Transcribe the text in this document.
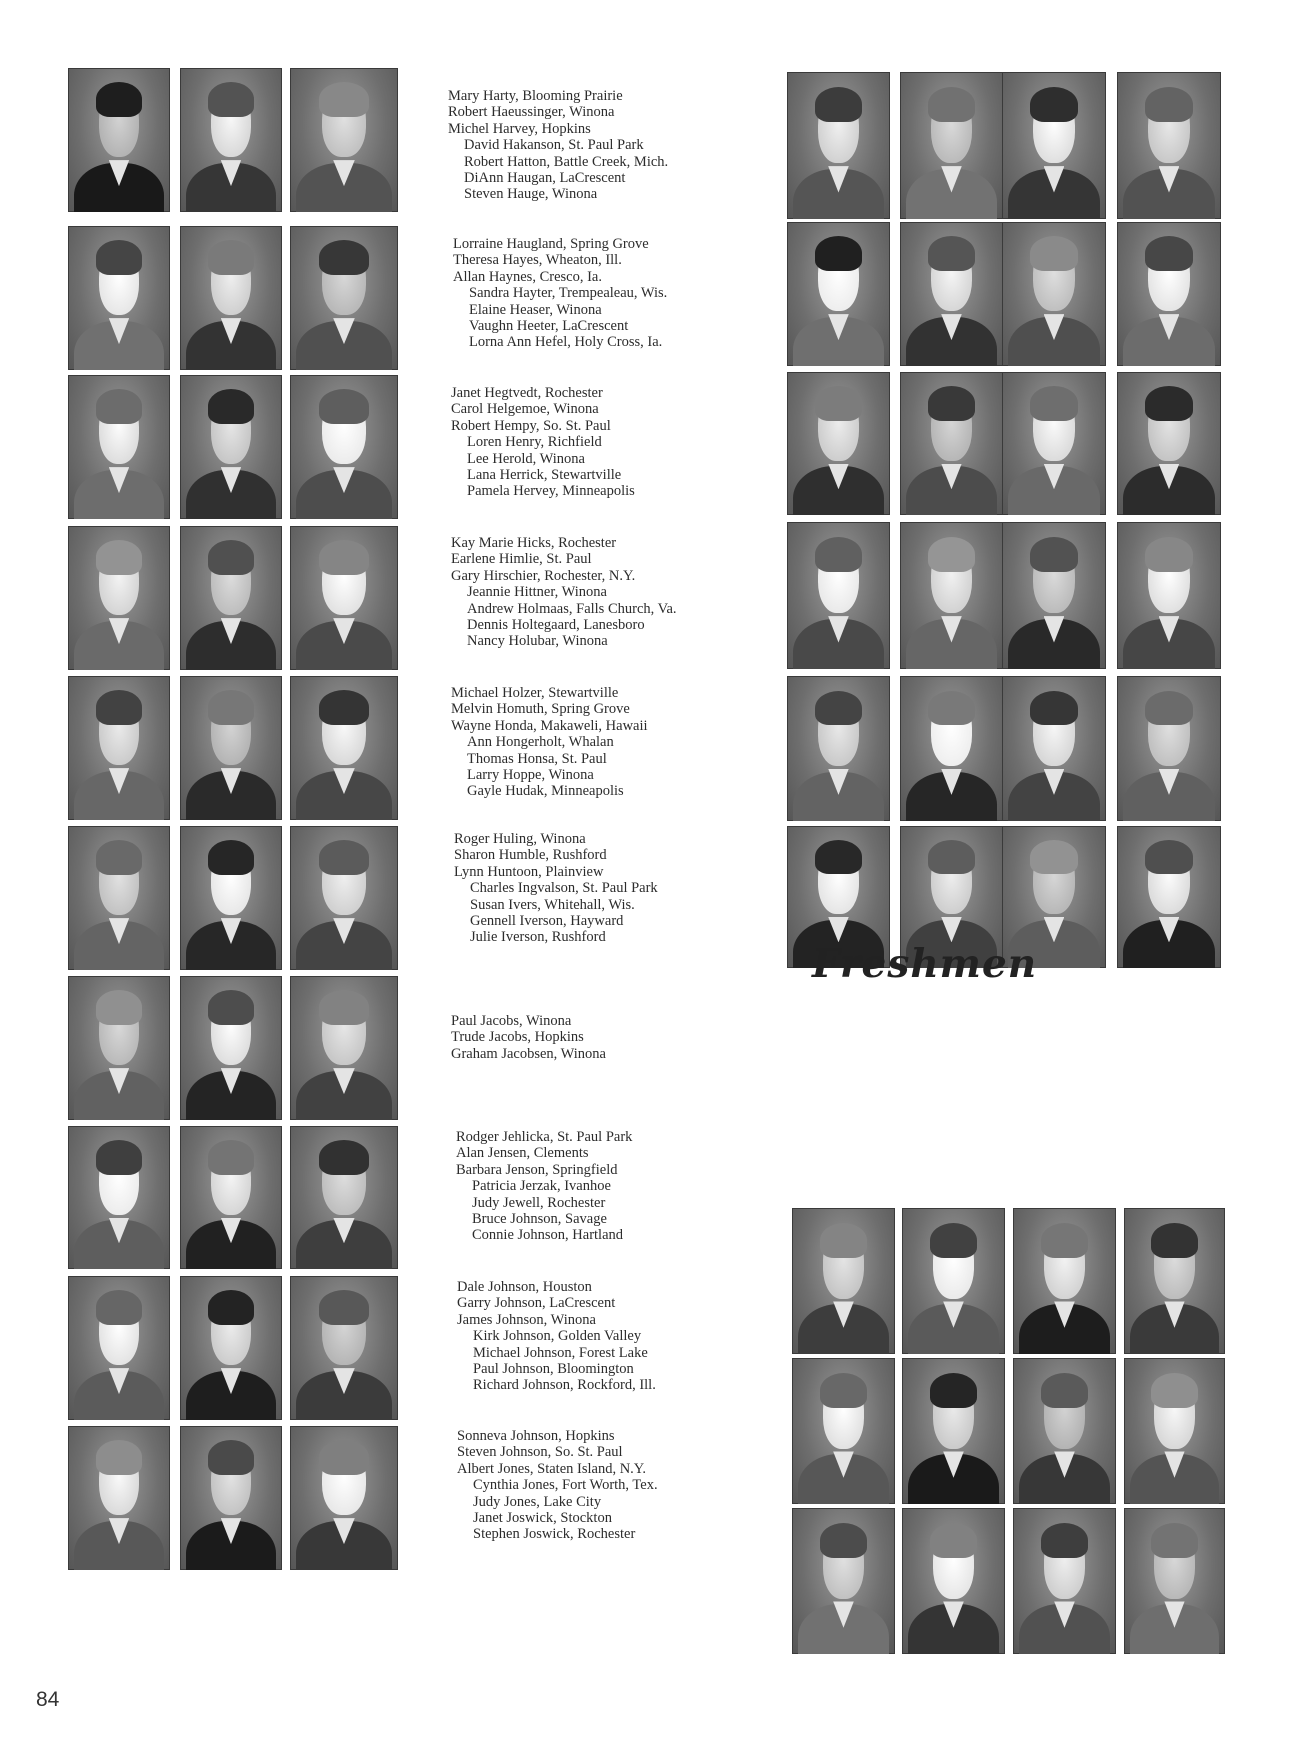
Mary Harty, Blooming Prairie
Robert Haeussinger, Winona
Michel Harvey, Hopkins
David Hakanson, St. Paul Park
Robert Hatton, Battle Creek, Mich.
DiAnn Haugan, LaCrescent
Steven Hauge, Winona
Lorraine Haugland, Spring Grove
Theresa Hayes, Wheaton, Ill.
Allan Haynes, Cresco, Ia.
Sandra Hayter, Trempealeau, Wis.
Elaine Heaser, Winona
Vaughn Heeter, LaCrescent
Lorna Ann Hefel, Holy Cross, Ia.
Janet Hegtvedt, Rochester
Carol Helgemoe, Winona
Robert Hempy, So. St. Paul
Loren Henry, Richfield
Lee Herold, Winona
Lana Herrick, Stewartville
Pamela Hervey, Minneapolis
Kay Marie Hicks, Rochester
Earlene Himlie, St. Paul
Gary Hirschier, Rochester, N.Y.
Jeannie Hittner, Winona
Andrew Holmaas, Falls Church, Va.
Dennis Holtegaard, Lanesboro
Nancy Holubar, Winona
Michael Holzer, Stewartville
Melvin Homuth, Spring Grove
Wayne Honda, Makaweli, Hawaii
Ann Hongerholt, Whalan
Thomas Honsa, St. Paul
Larry Hoppe, Winona
Gayle Hudak, Minneapolis
Roger Huling, Winona
Sharon Humble, Rushford
Lynn Huntoon, Plainview
Charles Ingvalson, St. Paul Park
Susan Ivers, Whitehall, Wis.
Gennell Iverson, Hayward
Julie Iverson, Rushford
Paul Jacobs, Winona
Trude Jacobs, Hopkins
Graham Jacobsen, Winona
Rodger Jehlicka, St. Paul Park
Alan Jensen, Clements
Barbara Jenson, Springfield
Patricia Jerzak, Ivanhoe
Judy Jewell, Rochester
Bruce Johnson, Savage
Connie Johnson, Hartland
Dale Johnson, Houston
Garry Johnson, LaCrescent
James Johnson, Winona
Kirk Johnson, Golden Valley
Michael Johnson, Forest Lake
Paul Johnson, Bloomington
Richard Johnson, Rockford, Ill.
Sonneva Johnson, Hopkins
Steven Johnson, So. St. Paul
Albert Jones, Staten Island, N.Y.
Cynthia Jones, Fort Worth, Tex.
Judy Jones, Lake City
Janet Joswick, Stockton
Stephen Joswick, Rochester
Freshmen
84
